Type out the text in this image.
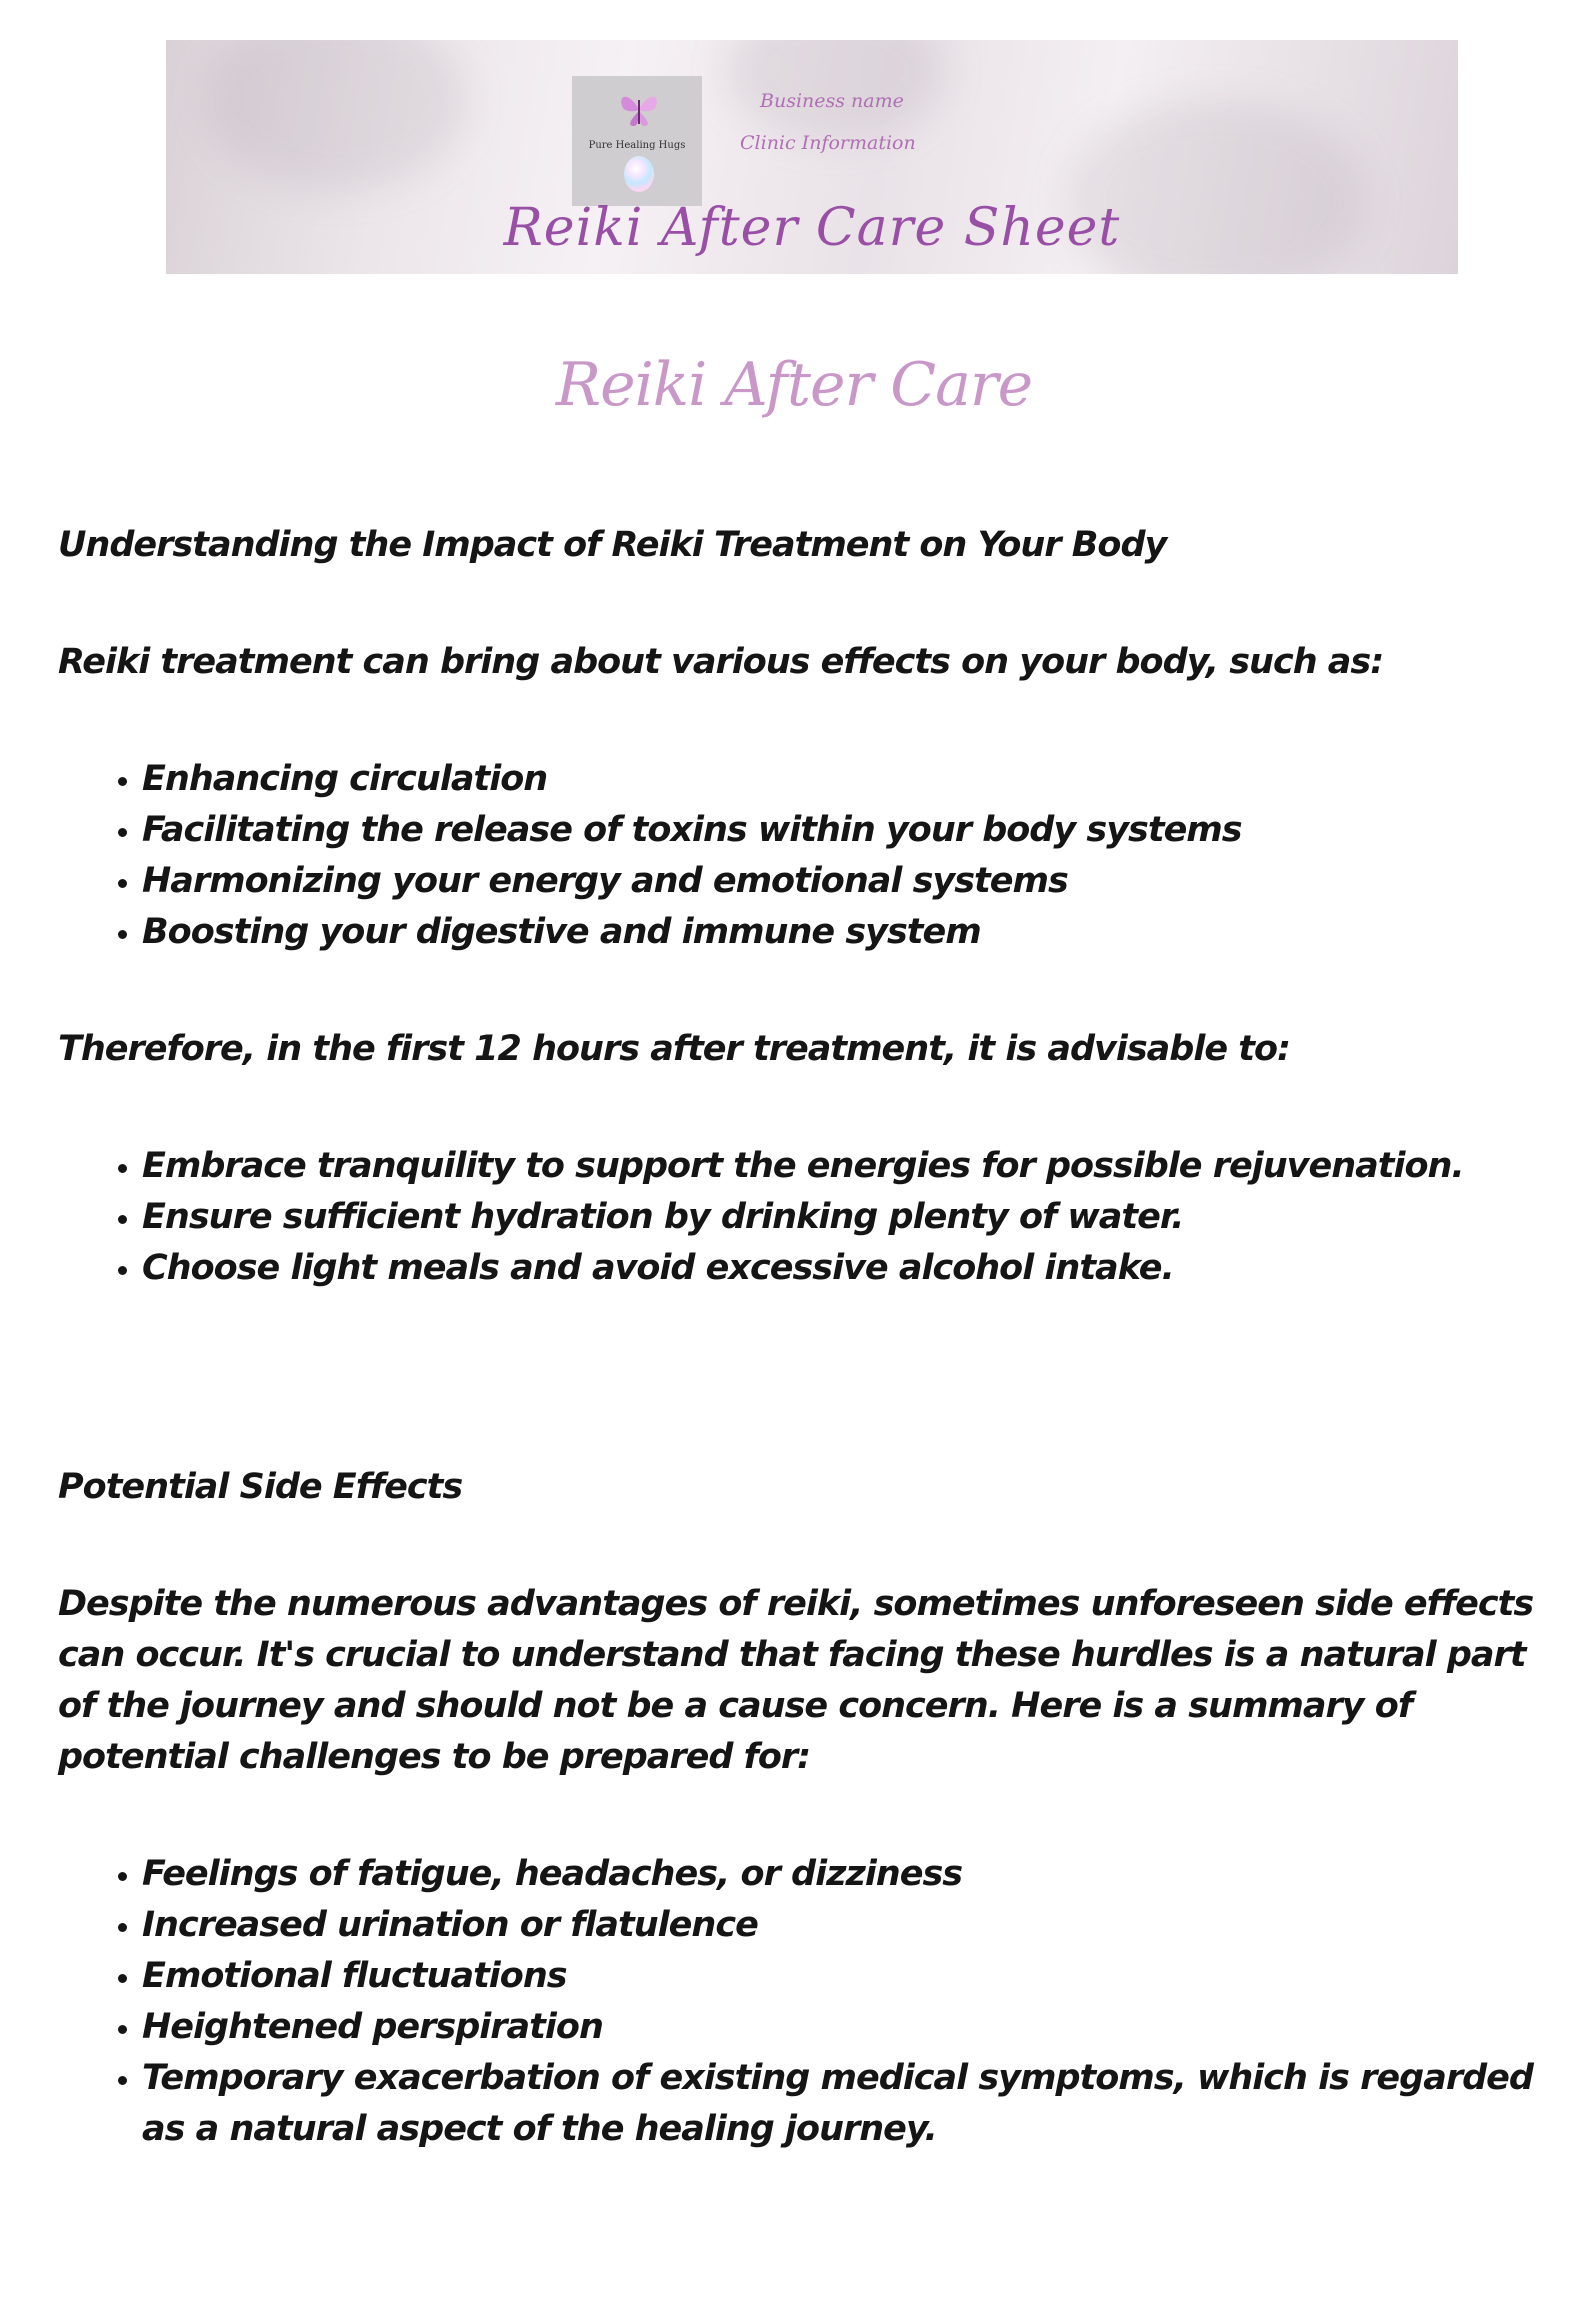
Pure Healing Hugs
Business name
Clinic Information
Reiki After Care Sheet
Reiki After Care

Understanding the Impact of Reiki Treatment on Your Body

Reiki treatment can bring about various effects on your body, such as:

• Enhancing circulation
• Facilitating the release of toxins within your body systems
• Harmonizing your energy and emotional systems
• Boosting your digestive and immune system

Therefore, in the first 12 hours after treatment, it is advisable to:

• Embrace tranquility to support the energies for possible rejuvenation.
• Ensure sufficient hydration by drinking plenty of water.
• Choose light meals and avoid excessive alcohol intake.

Potential Side Effects

Despite the numerous advantages of reiki, sometimes unforeseen side effects can occur. It's crucial to understand that facing these hurdles is a natural part of the journey and should not be a cause concern. Here is a summary of potential challenges to be prepared for:

• Feelings of fatigue, headaches, or dizziness
• Increased urination or flatulence
• Emotional fluctuations
• Heightened perspiration
• Temporary exacerbation of existing medical symptoms, which is regarded as a natural aspect of the healing journey.
